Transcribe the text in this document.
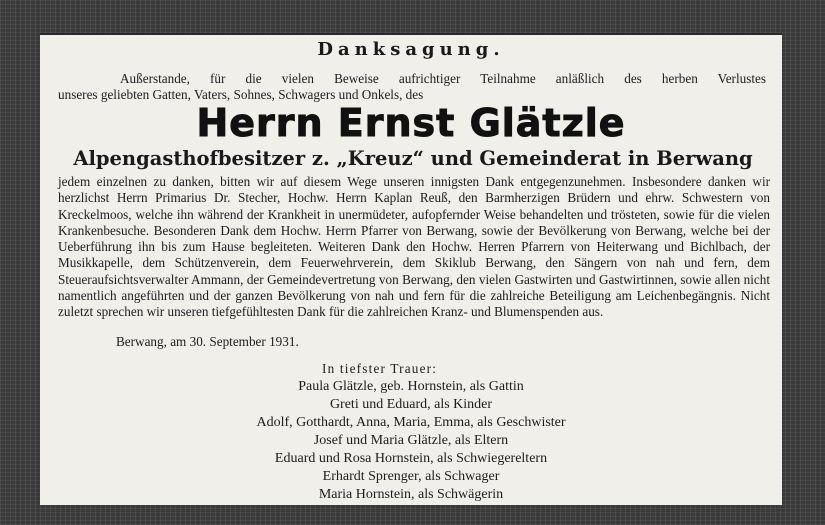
Danksagung.
Außerstande, für die vielen Beweise aufrichtiger Teilnahme anläßlich des herben Verlustes
unseres geliebten Gatten, Vaters, Sohnes, Schwagers und Onkels, des
Herrn Ernst Glätzle
Alpengasthofbesitzer z. „Kreuz“ und Gemeinderat in Berwang
jedem einzelnen zu danken, bitten wir auf diesem Wege unseren innigsten Dank entgegenzunehmen. Insbesondere danken wir herzlichst Herrn Primarius Dr. Stecher, Hochw. Herrn Kaplan Reuß, den Barmherzigen Brüdern und ehrw. Schwestern von Kreckelmoos, welche ihn während der Krankheit in unermüdeter, aufopfernder Weise behandelten und trösteten, sowie für die vielen Krankenbesuche. Besonderen Dank dem Hochw. Herrn Pfarrer von Berwang, sowie der Bevölkerung von Berwang, welche bei der Ueberführung ihn bis zum Hause begleiteten. Weiteren Dank den Hochw. Herren Pfarrern von Heiterwang und Bichlbach, der Musikkapelle, dem Schützenverein, dem Feuerwehrverein, dem Skiklub Berwang, den Sängern von nah und fern, dem Steueraufsichtsverwalter Ammann, der Gemeindevertretung von Berwang, den vielen Gastwirten und Gastwirtinnen, sowie allen nicht namentlich angeführten und der ganzen Bevölkerung von nah und fern für die zahlreiche Beteiligung am Leichenbegängnis. Nicht zuletzt sprechen wir unseren tiefgefühltesten Dank für die zahlreichen Kranz- und Blumenspenden aus.
Berwang, am 30. September 1931.
In tiefster Trauer:
Paula Glätzle, geb. Hornstein, als Gattin
Greti und Eduard, als Kinder
Adolf, Gotthardt, Anna, Maria, Emma, als Geschwister
Josef und Maria Glätzle, als Eltern
Eduard und Rosa Hornstein, als Schwiegereltern
Erhardt Sprenger, als Schwager
Maria Hornstein, als Schwägerin
